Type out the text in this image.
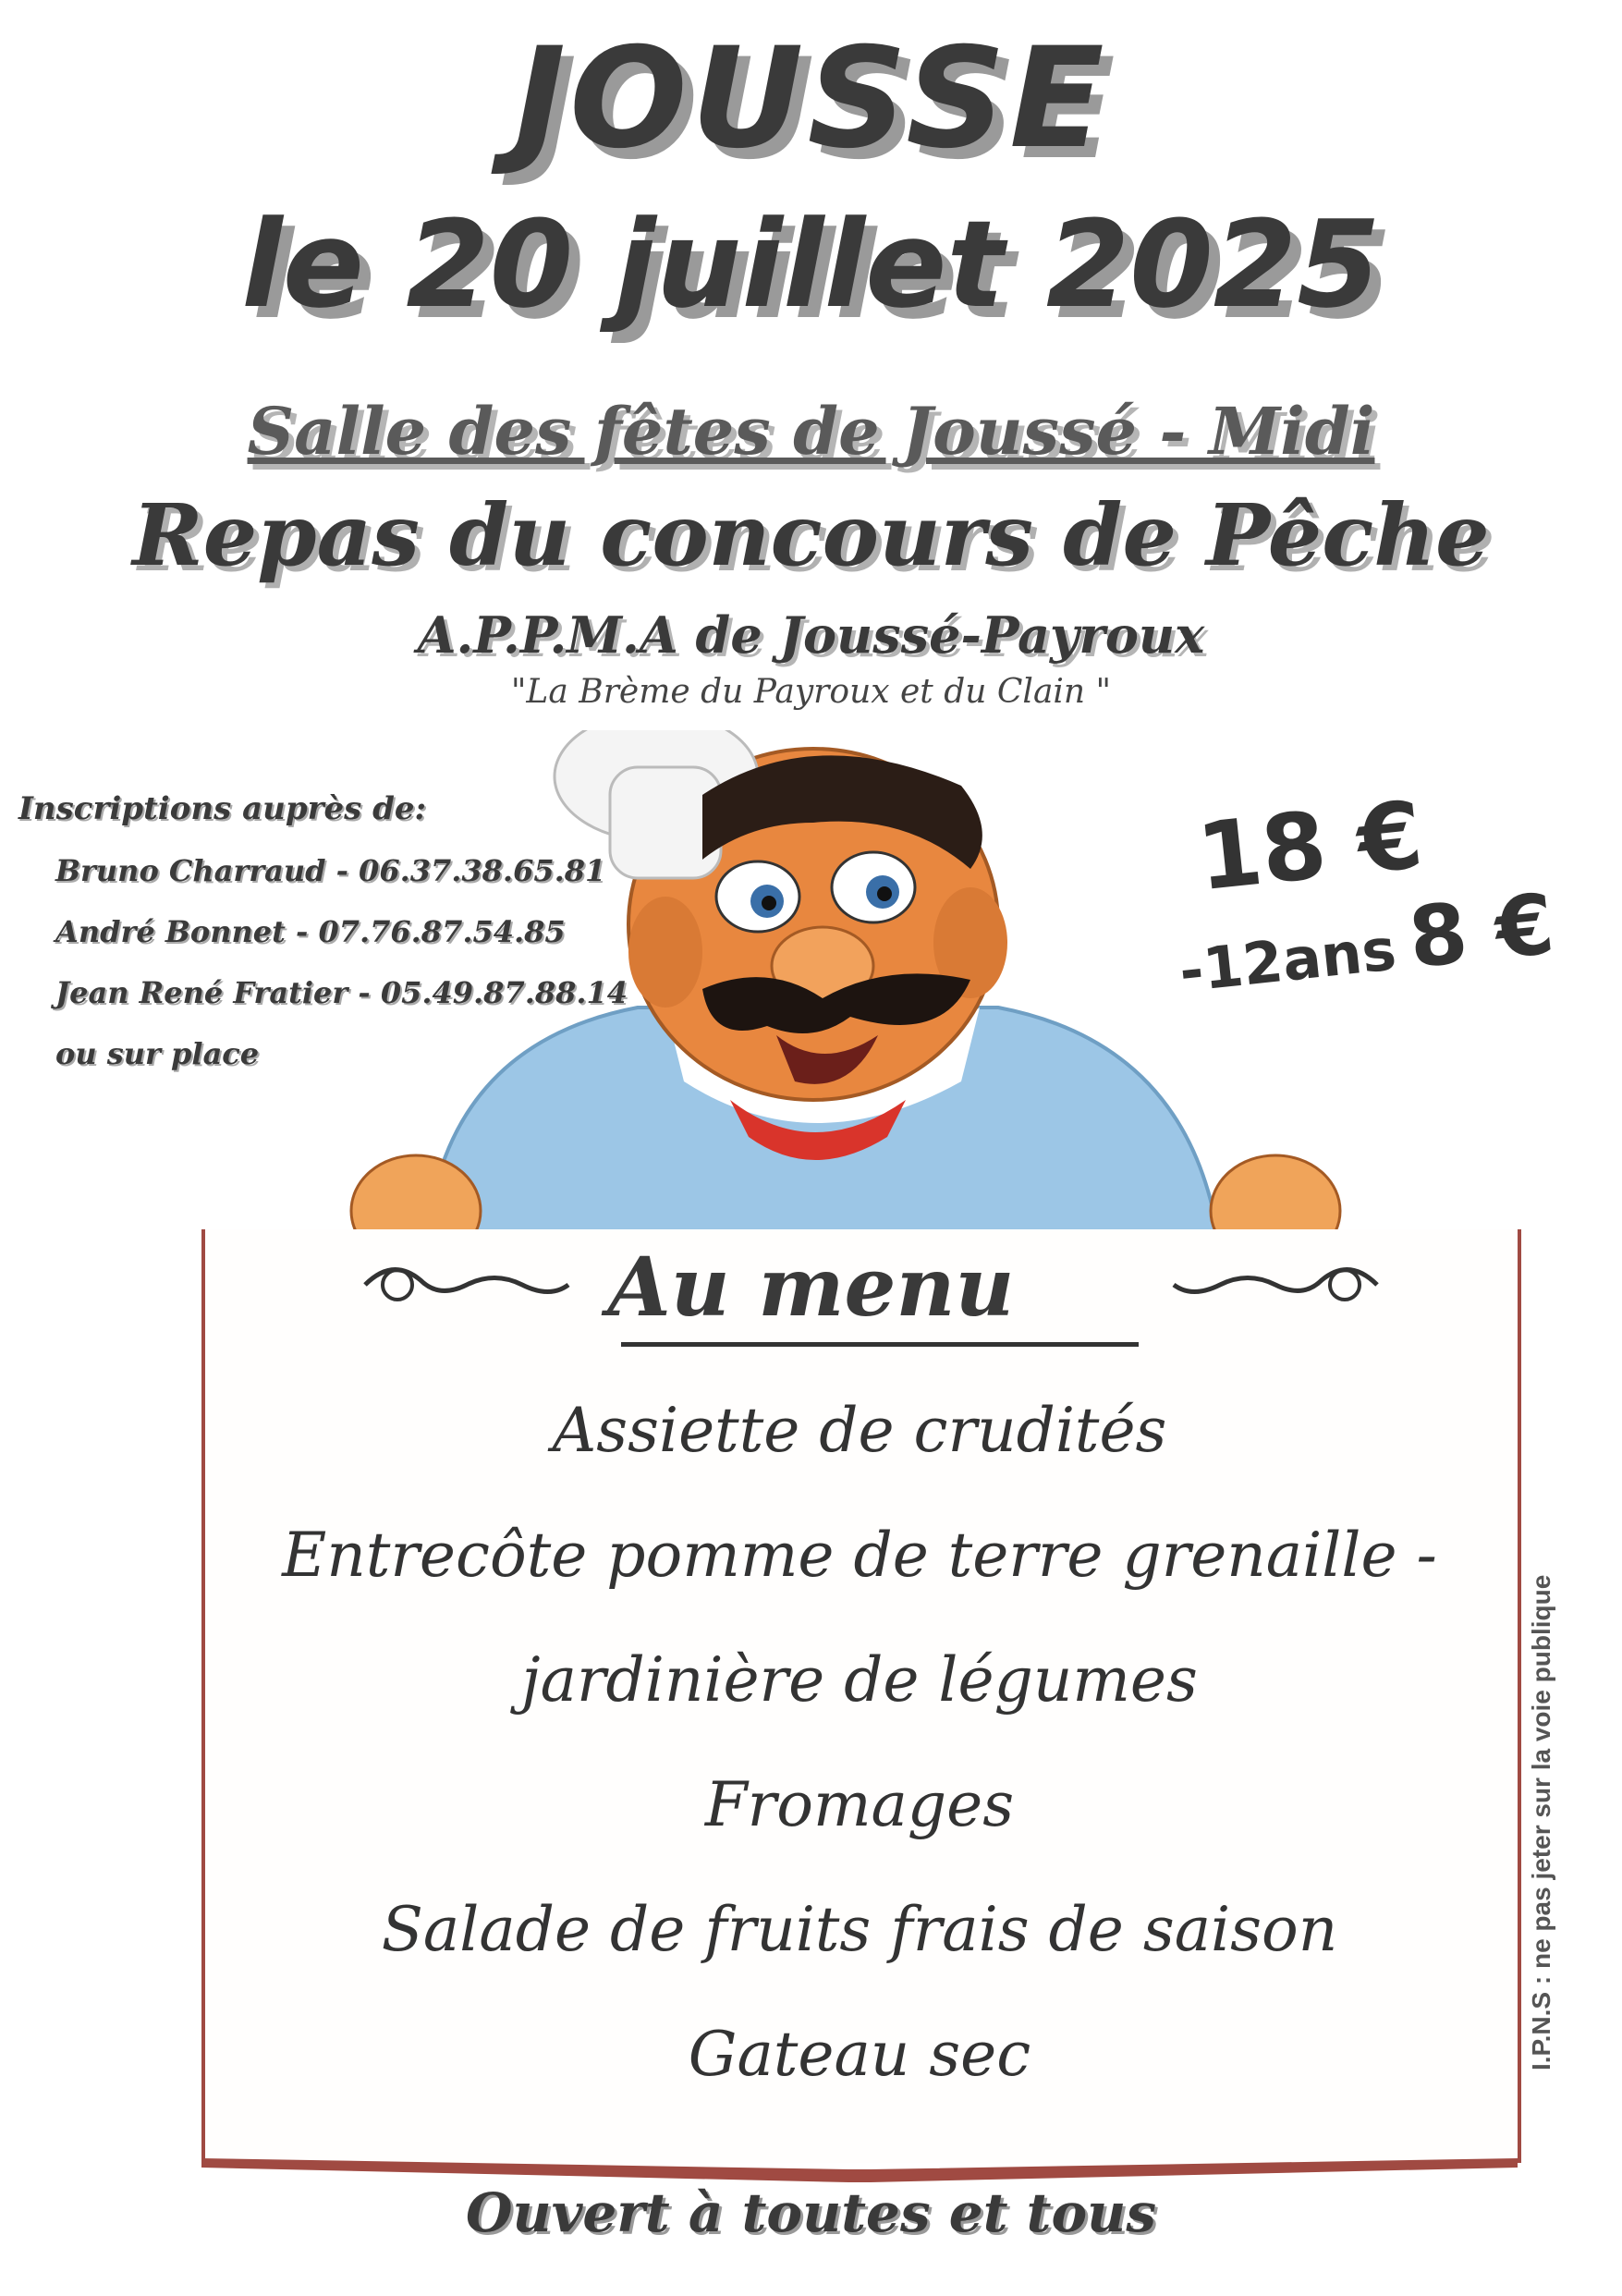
JOUSSE
le 20 juillet 2025
Salle des fêtes de Joussé - Midi
Repas du concours de Pêche
A.P.P.M.A de Joussé-Payroux
"La Brème du Payroux et du Clain "
Inscriptions auprès de:
Bruno Charraud - 06.37.38.65.81
André Bonnet - 07.76.87.54.85
Jean René Fratier - 05.49.87.88.14
ou sur place
18 €
-12ans8 €
Au menu
Assiette de crudités
Entrecôte pomme de terre grenaille -
jardinière de légumes
Fromages
Salade de fruits frais de saison
Gateau sec
Ouvert à toutes et tous
I.P.N.S : ne pas jeter sur la voie publique
